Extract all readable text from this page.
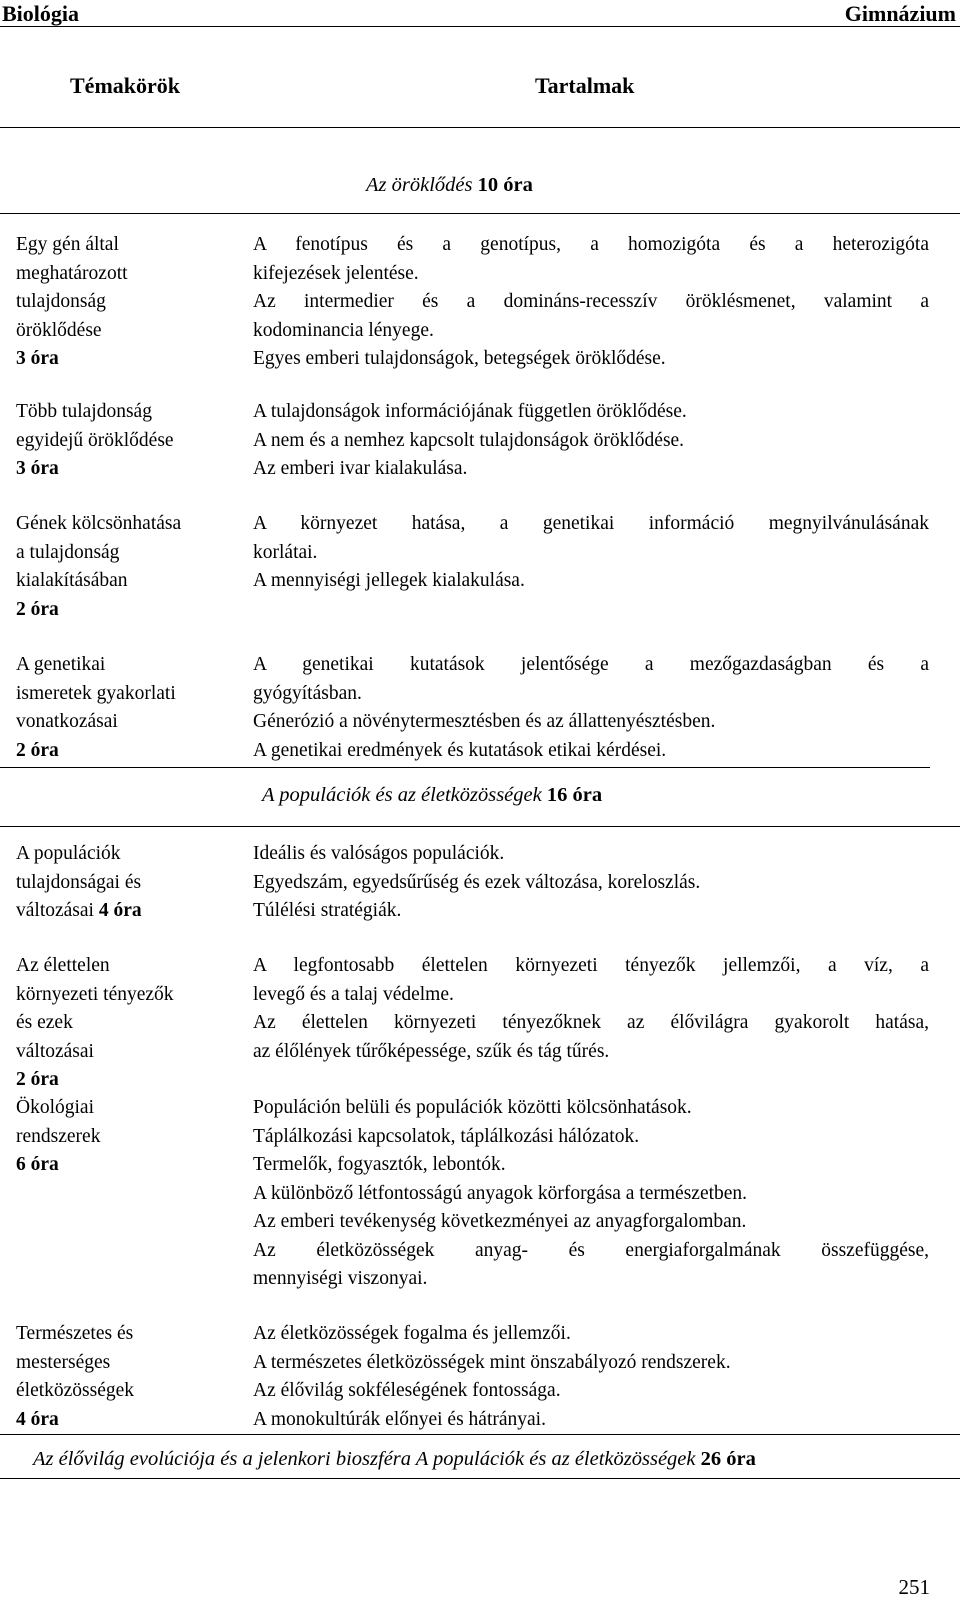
Biológia	Gimnázium
Témakörök	Tartalmak
Az öröklődés 10 óra
Egy gén által
meghatározott
tulajdonság
öröklődése
3 óra
A fenotípus és a genotípus, a homozigóta és a heterozigóta
kifejezések jelentése.
Az intermedier és a domináns-recesszív öröklésmenet, valamint a
kodominancia lényege.
Egyes emberi tulajdonságok, betegségek öröklődése.
Több tulajdonság
egyidejű öröklődése
3 óra
A tulajdonságok információjának független öröklődése.
A nem és a nemhez kapcsolt tulajdonságok öröklődése.
Az emberi ivar kialakulása.
Gének kölcsönhatása
a tulajdonság
kialakításában
2 óra
A környezet hatása, a genetikai információ megnyilvánulásának
korlátai.
A mennyiségi jellegek kialakulása.
A genetikai
ismeretek gyakorlati
vonatkozásai
2 óra
A genetikai kutatások jelentősége a mezőgazdaságban és a
gyógyításban.
Génerózió a növénytermesztésben és az állattenyésztésben.
A genetikai eredmények és kutatások etikai kérdései.
A populációk és az életközösségek 16 óra
A populációk
tulajdonságai és
változásai 4 óra
Ideális és valóságos populációk.
Egyedszám, egyedsűrűség és ezek változása, koreloszlás.
Túlélési stratégiák.
Az élettelen
környezeti tényezők
és ezek
változásai
2 óra
A legfontosabb élettelen környezeti tényezők jellemzői, a víz, a
levegő és a talaj védelme.
Az élettelen környezeti tényezőknek az élővilágra gyakorolt hatása,
az élőlények tűrőképessége, szűk és tág tűrés.
Ökológiai
rendszerek
6 óra
Populáción belüli és populációk közötti kölcsönhatások.
Táplálkozási kapcsolatok, táplálkozási hálózatok.
Termelők, fogyasztók, lebontók.
A különböző létfontosságú anyagok körforgása a természetben.
Az emberi tevékenység következményei az anyagforgalomban.
Az életközösségek anyag- és energiaforgalmának összefüggése,
mennyiségi viszonyai.
Természetes és
mesterséges
életközösségek
4 óra
Az életközösségek fogalma és jellemzői.
A természetes életközösségek mint önszabályozó rendszerek.
Az élővilág sokféleségének fontossága.
A monokultúrák előnyei és hátrányai.
Az élővilág evolúciója és a jelenkori bioszféra A populációk és az életközösségek 26 óra
251
